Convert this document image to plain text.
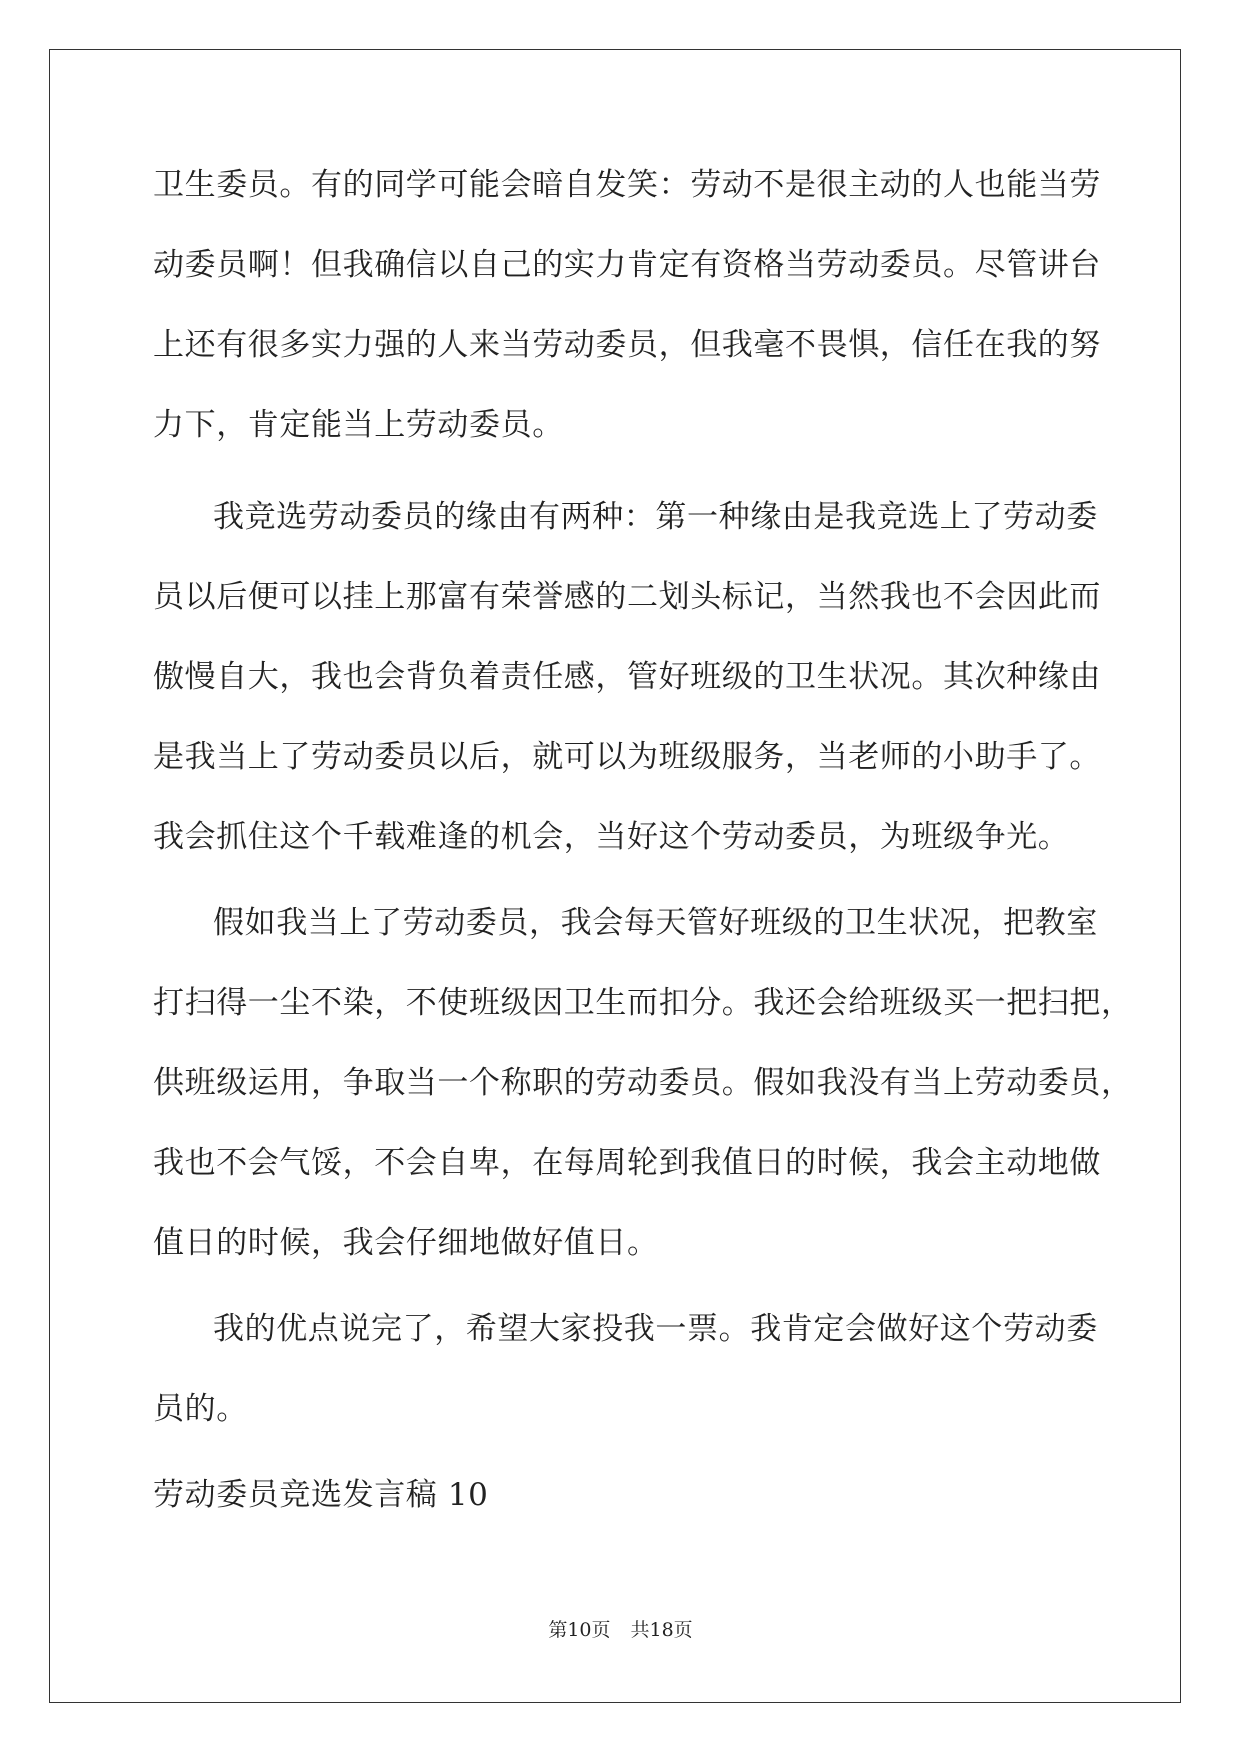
卫生委员。有的同学可能会暗自发笑：劳动不是很主动的人也能当劳
动委员啊！但我确信以自己的实力肯定有资格当劳动委员。尽管讲台
上还有很多实力强的人来当劳动委员，但我毫不畏惧，信任在我的努
力下，肯定能当上劳动委员。
我竞选劳动委员的缘由有两种：第一种缘由是我竞选上了劳动委
员以后便可以挂上那富有荣誉感的二划头标记，当然我也不会因此而
傲慢自大，我也会背负着责任感，管好班级的卫生状况。其次种缘由
是我当上了劳动委员以后，就可以为班级服务，当老师的小助手了。
我会抓住这个千载难逢的机会，当好这个劳动委员，为班级争光。
假如我当上了劳动委员，我会每天管好班级的卫生状况，把教室
打扫得一尘不染，不使班级因卫生而扣分。我还会给班级买一把扫把，
供班级运用，争取当一个称职的劳动委员。假如我没有当上劳动委员，
我也不会气馁，不会自卑，在每周轮到我值日的时候，我会主动地做
值日的时候，我会仔细地做好值日。
我的优点说完了，希望大家投我一票。我肯定会做好这个劳动委
员的。
劳动委员竞选发言稿 10
第10页 共18页
